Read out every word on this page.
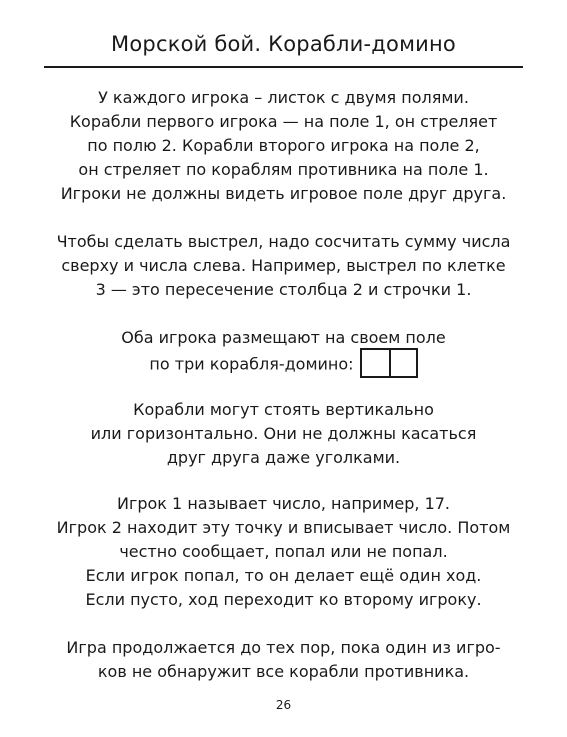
Морской бой. Корабли-домино
У каждого игрока – листок с двумя полями.
Корабли первого игрока — на поле 1, он стреляет
по полю 2. Корабли второго игрока на поле 2,
он стреляет по кораблям противника на поле 1.
Игроки не должны видеть игровое поле друг друга.
Чтобы сделать выстрел, надо сосчитать сумму числа
сверху и числа слева. Например, выстрел по клетке
3 — это пересечение столбца 2 и строчки 1.
Оба игрока размещают на своем поле
по три корабля-домино:
Корабли могут стоять вертикально
или горизонтально. Они не должны касаться
друг друга даже уголками.
Игрок 1 называет число, например, 17.
Игрок 2 находит эту точку и вписывает число. Потом
честно сообщает, попал или не попал.
Если игрок попал, то он делает ещё один ход.
Если пусто, ход переходит ко второму игроку.
Игра продолжается до тех пор, пока один из игро-
ков не обнаружит все корабли противника.
26
